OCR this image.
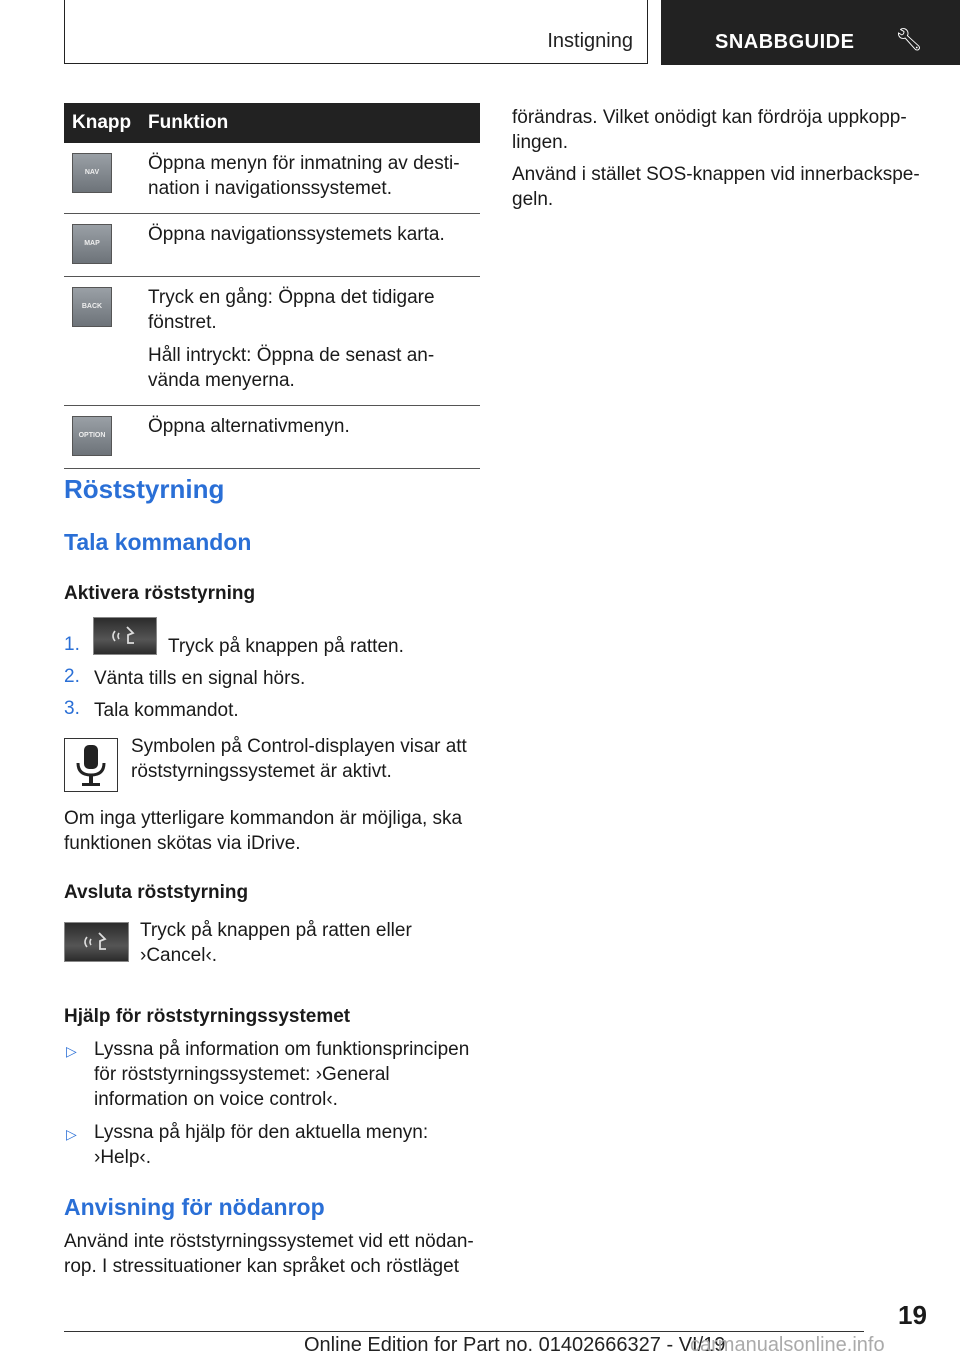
Instigning	SNABBGUIDE 🔧︎
Knapp	Funktion
NAV	Öppna menyn för inmatning av desti-
nation i navigationssystemet.

MAP	Öppna navigationssystemets karta.

BACK	Tryck en gång: Öppna det tidigare
fönstret.

Håll intryckt: Öppna de senast an-
vända menyerna.

OPTION	Öppna alternativmenyn.

Röststyrning
Tala kommandon
Aktivera röststyrning
1.	Tryck på knappen på ratten.
2. Vänta tills en signal hörs.
3. Tala kommandot.
Symbolen på Control-displayen visar att
röststyrningssystemet är aktivt.
Om inga ytterligare kommandon är möjliga, ska
funktionen skötas via iDrive.
Avsluta röststyrning
Tryck på knappen på ratten eller
›Cancel‹.
Hjälp för röststyrningssystemet
▷ Lyssna på information om funktionsprincipen
för röststyrningssystemet: ›General
information on voice control‹.
▷ Lyssna på hjälp för den aktuella menyn:
›Help‹.
Anvisning för nödanrop
Använd inte röststyrningssystemet vid ett nödan-
rop. I stressituationer kan språket och röstläget
förändras. Vilket onödigt kan fördröja uppkopp-
lingen.
Använd i stället SOS-knappen vid innerbackspe-
geln.
19
Online Edition for Part no. 01402666327 - VI/19
carmanualsonline.info
